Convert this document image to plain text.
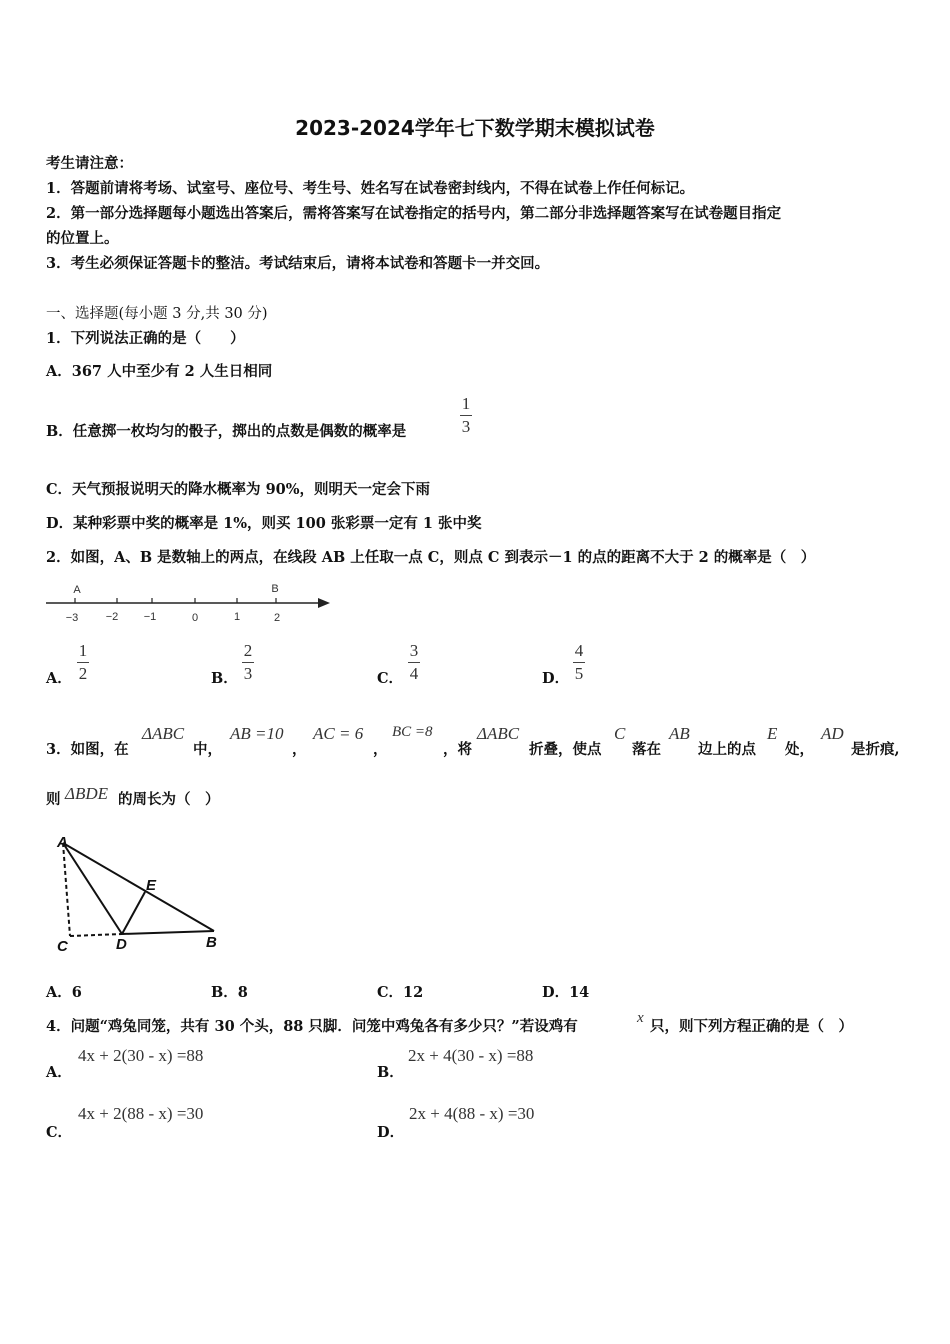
2023-2024学年七下数学期末模拟试卷
考生请注意：
1．答题前请将考场、试室号、座位号、考生号、姓名写在试卷密封线内，不得在试卷上作任何标记。
2．第一部分选择题每小题选出答案后，需将答案写在试卷指定的括号内，第二部分非选择题答案写在试卷题目指定
的位置上。
3．考生必须保证答题卡的整洁。考试结束后，请将本试卷和答题卡一并交回。
一、选择题(每小题 3 分,共 30 分)
1．下列说法正确的是（　　）
A．367 人中至少有 2 人生日相同
B．任意掷一枚均匀的骰子，掷出的点数是偶数的概率是
1
3
C．天气预报说明天的降水概率为 90%，则明天一定会下雨
D．某种彩票中奖的概率是 1%，则买 100 张彩票一定有 1 张中奖
2．如图，A、B 是数轴上的两点，在线段 AB 上任取一点 C，则点 C 到表示－1 的点的距离不大于 2 的概率是（　）
A	B
−3 −2 −1	0	1	2
A．
1
2	B．
2
3	C．
3
4	D．
4
5
3．如图，在
ΔABC
中，
AB =10
，
AC = 6
，
BC =8
，将
ΔABC
折叠，使点
C
落在
AB
边上的点
E
处，
AD
是折痕,
则 ΔBDE 的周长为（　）
A
C	D	B
E
A．6	B．8	C．12	D．14
4．问题“鸡兔同笼，共有 30 个头，88 只脚．问笼中鸡兔各有多少只？”若设鸡有	x 只，则下列方程正确的是（　）
A．
4x + 2(30 - x) =88
B．
2x + 4(30 - x) =88
C．
4x + 2(88 - x) =30
D．
2x + 4(88 - x) =30
